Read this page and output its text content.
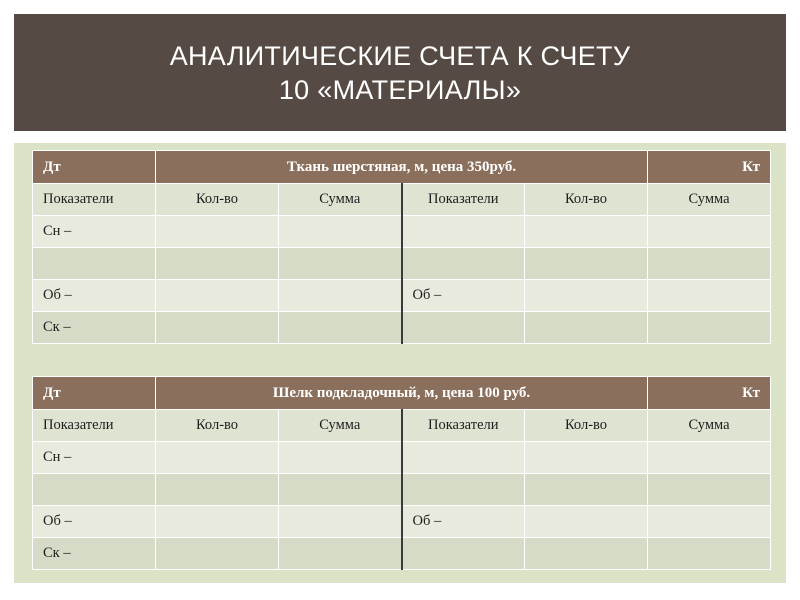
АНАЛИТИЧЕСКИЕ СЧЕТА К СЧЕТУ
10 «МАТЕРИАЛЫ»
Дт	Ткань шерстяная, м, цена 350руб.				Кт
Показатели	Кол-во	Сумма	Показатели	Кол-во	Сумма
Сн –					

Об –			Об –		
Ск –					
Дт	Шелк подкладочный, м, цена 100 руб.				Кт
Показатели	Кол-во	Сумма	Показатели	Кол-во	Сумма
Сн –					

Об –			Об –		
Ск –					
